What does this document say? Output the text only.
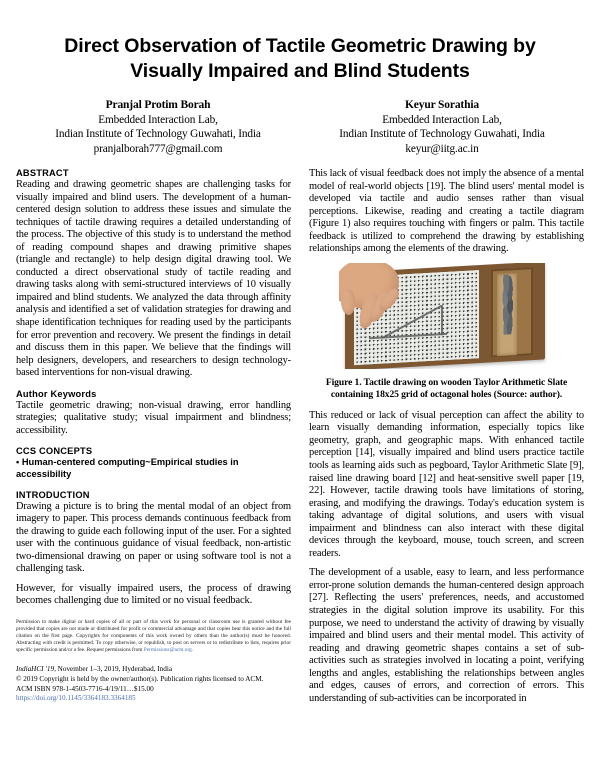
Direct Observation of Tactile Geometric Drawing by Visually Impaired and Blind Students
Pranjal Protim Borah
Embedded Interaction Lab,
Indian Institute of Technology Guwahati, India
pranjalborah777@gmail.com
Keyur Sorathia
Embedded Interaction Lab,
Indian Institute of Technology Guwahati, India
keyur@iitg.ac.in
ABSTRACT

Reading and drawing geometric shapes are challenging tasks for visually impaired and blind users. The development of a human-centered design solution to address these issues and simulate the techniques of tactile drawing requires a detailed understanding of the process. The objective of this study is to understand the method of reading compound shapes and drawing primitive shapes (triangle and rectangle) to help design digital drawing tool. We conducted a direct observational study of tactile reading and drawing tasks along with semi-structured interviews of 10 visually impaired and blind students. We analyzed the data through affinity analysis and identified a set of validation strategies for drawing and shape identification techniques for reading used by the participants for error prevention and recovery. We present the findings in detail and discuss them in this paper. We believe that the findings will help designers, developers, and researchers to design technology-based interventions for non-visual drawing.

Author Keywords

Tactile geometric drawing; non-visual drawing, error handling strategies; qualitative study; visual impairment and blindness; accessibility.

CCS CONCEPTS
• Human-centered computing~Empirical studies in accessibility
INTRODUCTION

Drawing a picture is to bring the mental modal of an object from imagery to paper. This process demands continuous feedback from the drawing to guide each following input of the user. For a sighted user with the continuous guidance of visual feedback, non-artistic two-dimensional drawing on paper or using software tool is not a challenging task.

However, for visually impaired users, the process of drawing becomes challenging due to limited or no visual feedback.

Permission to make digital or hard copies of all or part of this work for personal or classroom use is granted without fee provided that copies are not made or distributed for profit or commercial advantage and that copies bear this notice and the full citation on the first page. Copyrights for components of this work owned by others than the author(s) must be honored. Abstracting with credit is permitted. To copy otherwise, or republish, to post on servers or to redistribute to lists, requires prior specific permission and/or a fee. Request permissions from Permissions@acm.org.
IndiaHCI '19, November 1–3, 2019, Hyderabad, India
© 2019 Copyright is held by the owner/author(s). Publication rights licensed to ACM.
ACM ISBN 978-1-4503-7716-4/19/11…$15.00
https://doi.org/10.1145/3364183.3364185

This lack of visual feedback does not imply the absence of a mental model of real-world objects [19]. The blind users' mental model is developed via tactile and audio senses rather than visual perceptions. Likewise, reading and creating a tactile diagram (Figure 1) also requires touching with fingers or palm. This tactile feedback is utilized to comprehend the drawing by establishing relationships among the elements of the drawing.

Figure 1. Tactile drawing on wooden Taylor Arithmetic Slate containing 18x25 grid of octagonal holes (Source: author).

This reduced or lack of visual perception can affect the ability to learn visually demanding information, especially topics like geometry, graph, and geographic maps. With enhanced tactile perception [14], visually impaired and blind users practice tactile tools as learning aids such as pegboard, Taylor Arithmetic Slate [9], raised line drawing board [12] and heat-sensitive swell paper [19, 22]. However, tactile drawing tools have limitations of storing, erasing, and modifying the drawings. Today's education system is taking advantage of digital solutions, and users with visual impairment and blindness can also interact with these digital devices through the keyboard, mouse, touch screen, and screen readers.

The development of a usable, easy to learn, and less performance error-prone solution demands the human-centered design approach [27]. Reflecting the users' preferences, needs, and accustomed strategies in the digital solution improve its usability. For this purpose, we need to understand the activity of drawing by visually impaired and blind users and their mental model. This activity of reading and drawing geometric shapes contains a set of sub-activities such as strategies involved in locating a point, verifying lengths and angles, establishing the relationships between angles and edges, causes of errors, and correction of errors. This understanding of sub-activities can be incorporated in
